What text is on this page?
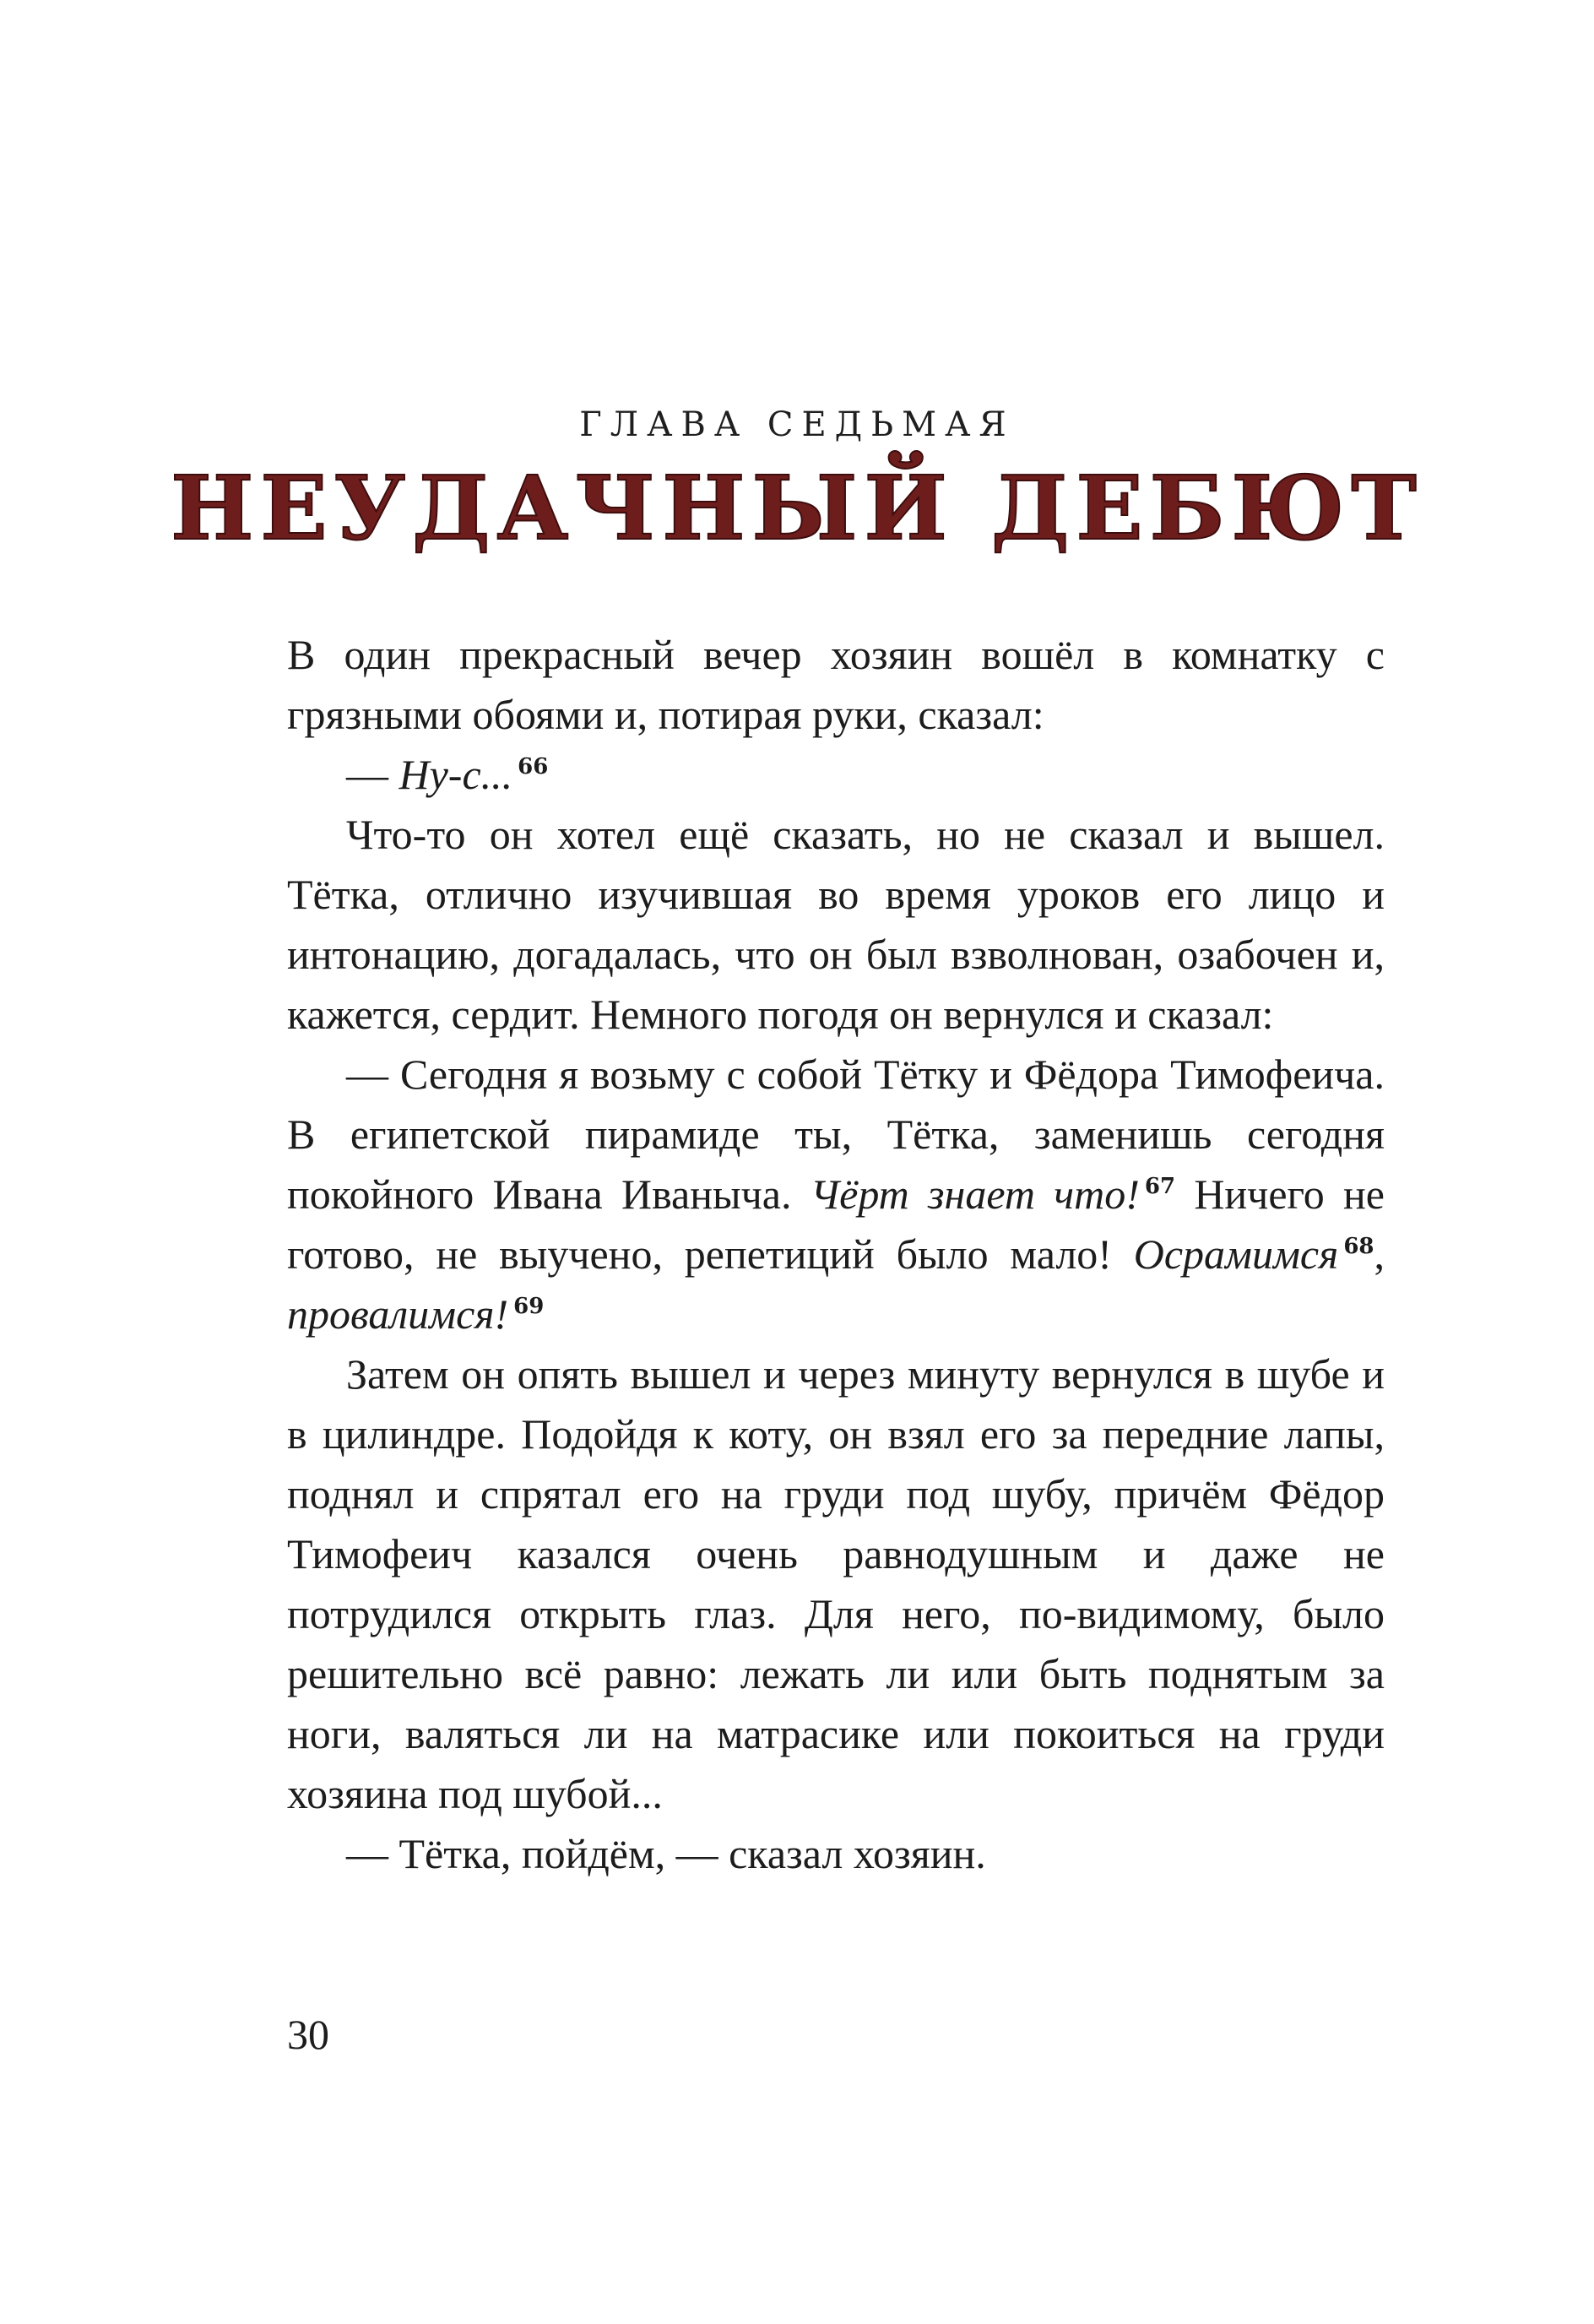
ГЛАВА СЕДЬМАЯ
НЕУДАЧНЫЙ ДЕБЮТ

В один прекрасный вечер хозяин вошёл в комнатку с грязными обоями и, потирая руки, сказал:

— Ну-с... $^{66}$

Что-то он хотел ещё сказать, но не сказал и вышел. Тётка, отлично изучившая во время уроков его лицо и интонацию, догадалась, что он был взволнован, озабочен и, кажется, сердит. Немного погодя он вернулся и сказал:

— Сегодня я возьму с собой Тётку и Фёдора Тимофеича. В египетской пирамиде ты, Тётка, заменишь сегодня покойного Ивана Иваныча. Чёрт знает что! $^{67}$ Ничего не готово, не выучено, репетиций было мало! Осрамимся $^{68}$, провалимся! $^{69}$

Затем он опять вышел и через минуту вернулся в шубе и в цилиндре. Подойдя к коту, он взял его за передние лапы, поднял и спрятал его на груди под шубу, причём Фёдор Тимофеич казался очень равнодушным и даже не потрудился открыть глаз. Для него, по-видимому, было решительно всё равно: лежать ли или быть поднятым за ноги, валяться ли на матрасике или покоиться на груди хозяина под шубой...

— Тётка, пойдём, — сказал хозяин.

30
